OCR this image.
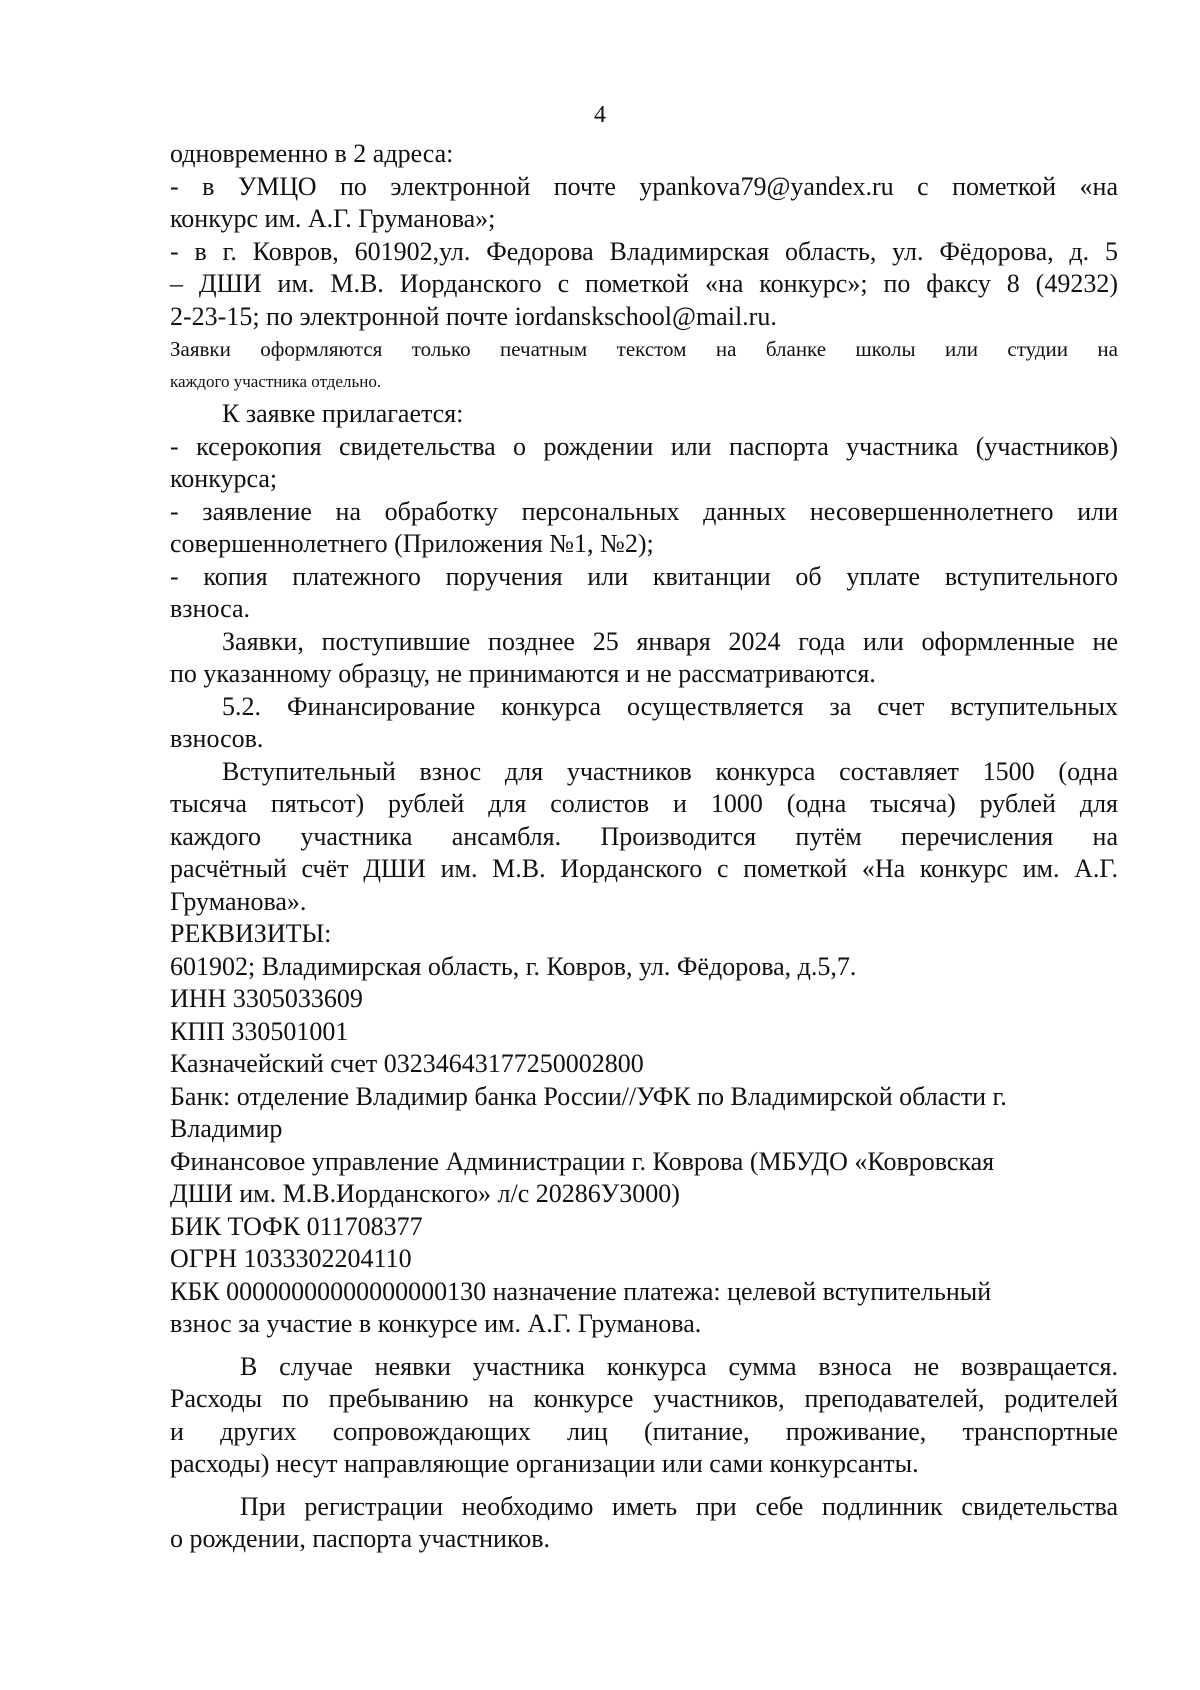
4
одновременно в 2 адреса:
- в УМЦО по электронной почте ypankova79@yandex.ru с пометкой «на
конкурс им. А.Г. Груманова»;
- в г. Ковров, 601902,ул. Федорова Владимирская область, ул. Фёдорова, д. 5
– ДШИ им. М.В. Иорданского с пометкой «на конкурс»; по факсу 8 (49232)
2-23-15; по электронной почте iordanskschool@mail.ru.
Заявки оформляются только печатным текстом на бланке школы или студии на
каждого участника отдельно.
К заявке прилагается:
- ксерокопия свидетельства о рождении или паспорта участника (участников)
конкурса;
- заявление на обработку персональных данных несовершеннолетнего или
совершеннолетнего (Приложения №1, №2);
- копия платежного поручения или квитанции об уплате вступительного
взноса.
Заявки, поступившие позднее 25 января 2024 года или оформленные не
по указанному образцу, не принимаются и не рассматриваются.
5.2. Финансирование конкурса осуществляется за счет вступительных
взносов.
Вступительный взнос для участников конкурса составляет 1500 (одна
тысяча пятьсот) рублей для солистов и 1000 (одна тысяча) рублей для
каждого участника ансамбля. Производится путём перечисления на
расчётный счёт ДШИ им. М.В. Иорданского с пометкой «На конкурс им. А.Г.
Груманова».
РЕКВИЗИТЫ:
601902; Владимирская область, г. Ковров, ул. Фёдорова, д.5,7.
ИНН 3305033609
КПП 330501001
Казначейский счет 03234643177250002800
Банк: отделение Владимир банка России//УФК по Владимирской области г.
Владимир
Финансовое управление Администрации г. Коврова (МБУДО «Ковровская
ДШИ им. М.В.Иорданского» л/с 20286У3000)
БИК ТОФК 011708377
ОГРН 1033302204110
КБК 00000000000000000130 назначение платежа: целевой вступительный
взнос за участие в конкурсе им. А.Г. Груманова.
В случае неявки участника конкурса сумма взноса не возвращается.
Расходы по пребыванию на конкурсе участников, преподавателей, родителей
и других сопровождающих лиц (питание, проживание, транспортные
расходы) несут направляющие организации или сами конкурсанты.
При регистрации необходимо иметь при себе подлинник свидетельства
о рождении, паспорта участников.
